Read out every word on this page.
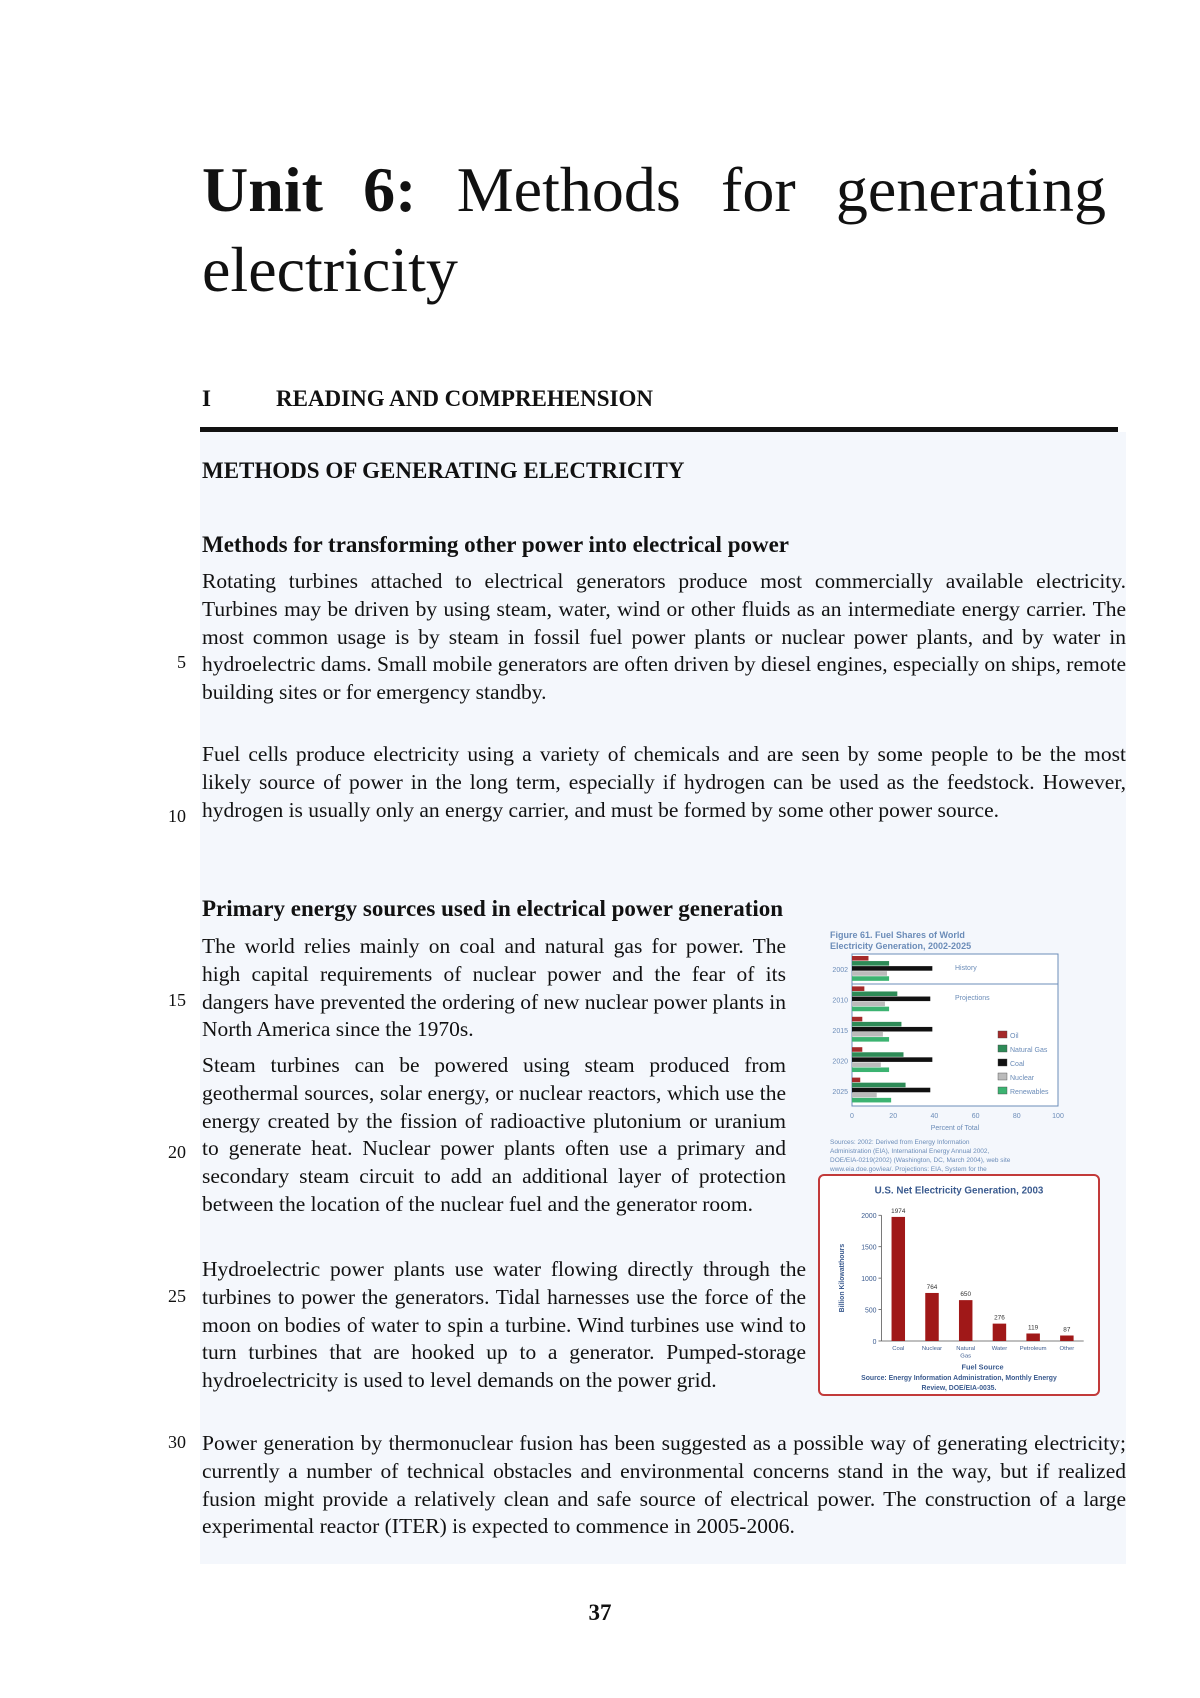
Unit 6: Methods for generating
electricity
I	READING AND COMPREHENSION
METHODS OF GENERATING ELECTRICITY
Methods for transforming other power into electrical power

Rotating turbines attached to electrical generators produce most commercially available electricity. Turbines may be driven by using steam, water, wind or other fluids as an intermediate energy carrier. The most common usage is by steam in fossil fuel power plants or nuclear power plants, and by water in hydroelectric dams. Small mobile generators are often driven by diesel engines, especially on ships, remote building sites or for emergency standby.

Fuel cells produce electricity using a variety of chemicals and are seen by some people to be the most likely source of power in the long term, especially if hydrogen can be used as the feedstock. However, hydrogen is usually only an energy carrier, and must be formed by some other power source.

Primary energy sources used in electrical power generation

The world relies mainly on coal and natural gas for power. The high capital requirements of nuclear power and the fear of its dangers have prevented the ordering of new nuclear power plants in North America since the 1970s.

Steam turbines can be powered using steam produced from geothermal sources, solar energy, or nuclear reactors, which use the energy created by the fission of radioactive plutonium or uranium to generate heat. Nuclear power plants often use a primary and secondary steam circuit to add an additional layer of protection between the location of the nuclear fuel and the generator room.

Hydroelectric power plants use water flowing directly through the turbines to power the generators. Tidal harnesses use the force of the moon on bodies of water to spin a turbine. Wind turbines use wind to turn turbines that are hooked up to a generator. Pumped-storage hydroelectricity is used to level demands on the power grid.

Power generation by thermonuclear fusion has been suggested as a possible way of generating electricity; currently a number of technical obstacles and environmental concerns stand in the way, but if realized fusion might provide a relatively clean and safe source of electrical power. The construction of a large experimental reactor (ITER) is expected to commence in 2005-2006.

5
10
15
20
25
30
Figure 61. Fuel Shares of World
Electricity Generation, 2002-2025
History
Projections
2002
2010
2015
2020
2025
0	20	40	60	80	100
Percent of Total
Oil
Natural Gas
Coal
Nuclear
Renewables
Sources: 2002: Derived from Energy Information
Administration (EIA), International Energy Annual 2002,
DOE/EIA-0219(2002) (Washington, DC, March 2004), web site
www.eia.doe.gov/iea/. Projections: EIA, System for the
Analysis of
U.S. Net Electricity Generation, 2003
0
500
1000
1500
2000
Billion Kilowatthours
1974
Coal
764
Nuclear
650
Natural
Gas
276
Water
119
Petroleum
87
Other
Fuel Source
Source: Energy Information Administration, Monthly Energy
Review, DOE/EIA-0035.
37
